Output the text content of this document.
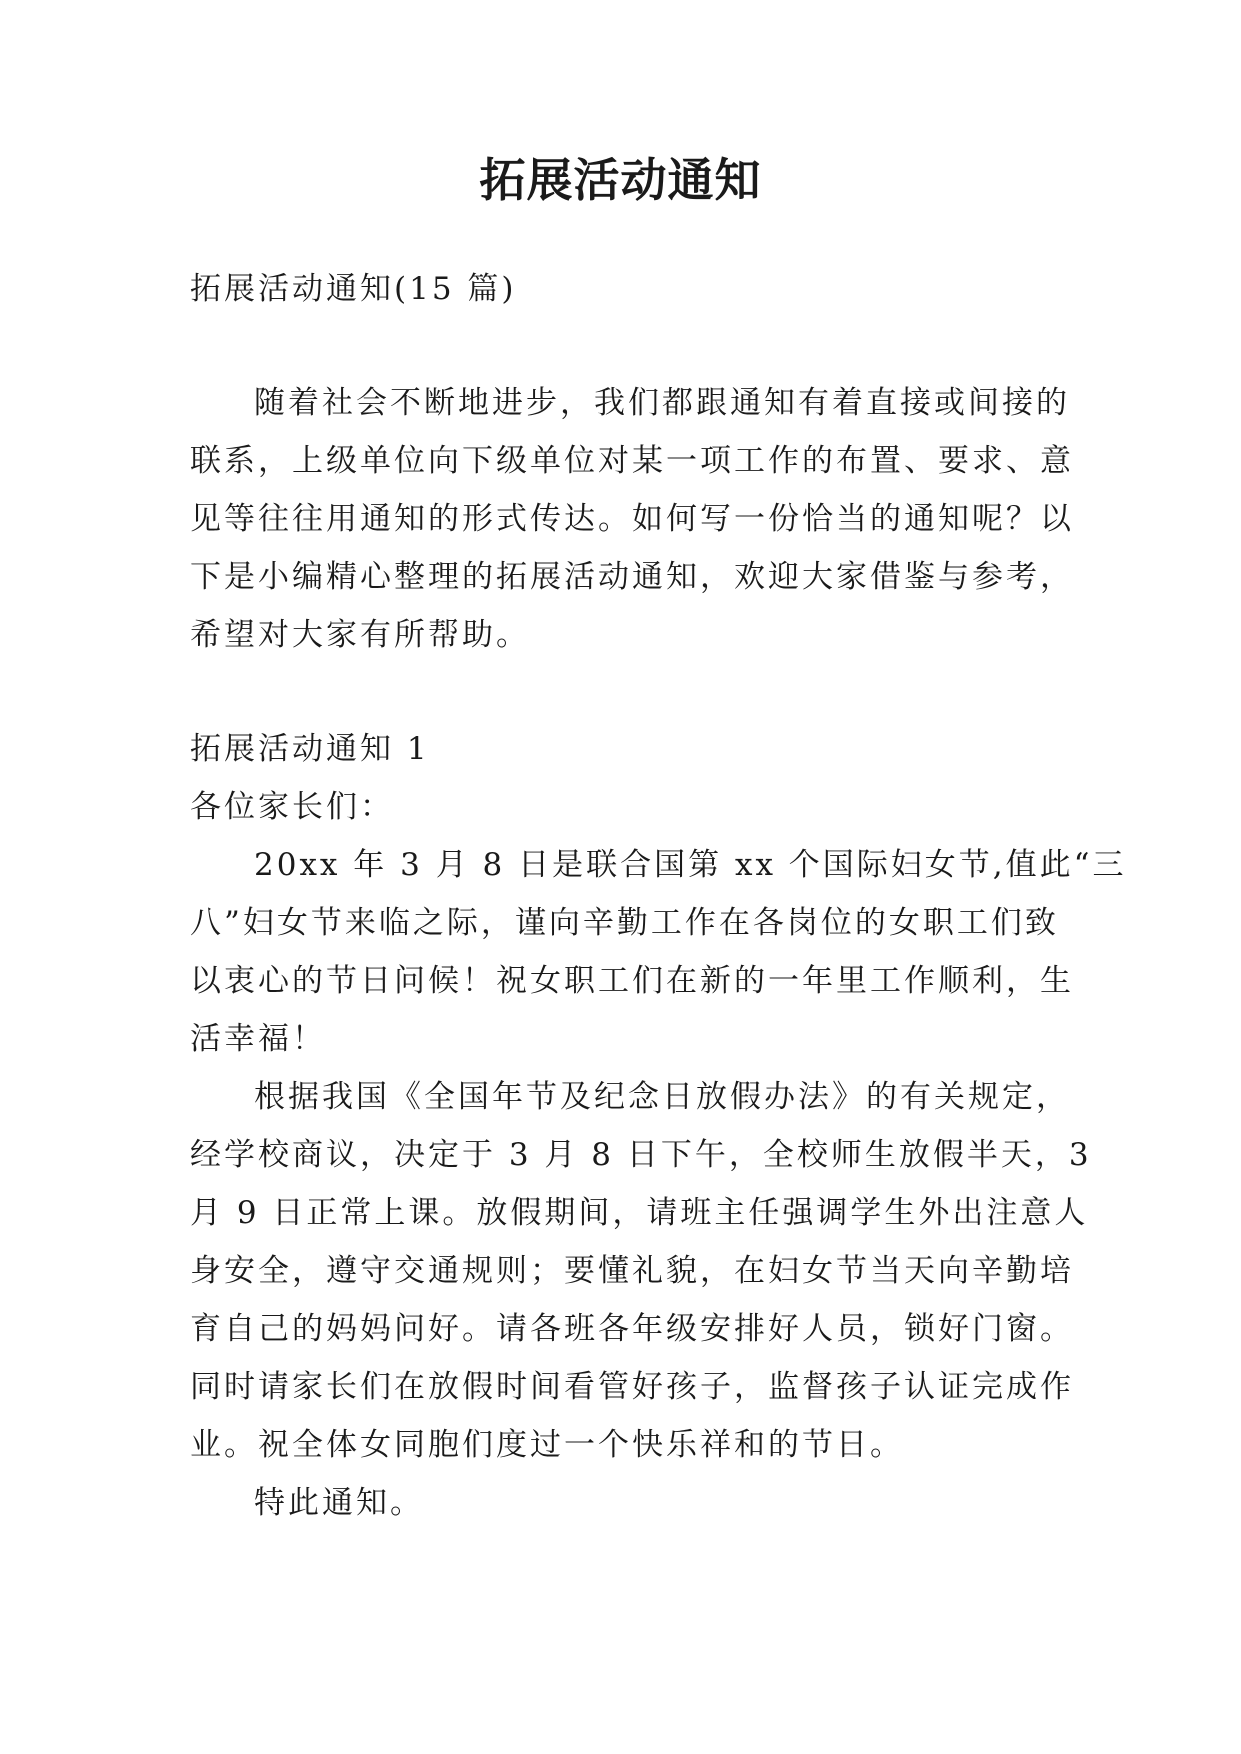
拓展活动通知
拓展活动通知(15 篇)
随着社会不断地进步，我们都跟通知有着直接或间接的
联系，上级单位向下级单位对某一项工作的布置、要求、意
见等往往用通知的形式传达。如何写一份恰当的通知呢？以
下是小编精心整理的拓展活动通知，欢迎大家借鉴与参考，
希望对大家有所帮助。
拓展活动通知 1
各位家长们：
20xx 年 3 月 8 日是联合国第 xx 个国际妇女节,值此“三
八”妇女节来临之际，谨向辛勤工作在各岗位的女职工们致
以衷心的节日问候！祝女职工们在新的一年里工作顺利，生
活幸福！
根据我国《全国年节及纪念日放假办法》的有关规定，
经学校商议，决定于 3 月 8 日下午，全校师生放假半天，3
月 9 日正常上课。放假期间，请班主任强调学生外出注意人
身安全，遵守交通规则；要懂礼貌，在妇女节当天向辛勤培
育自己的妈妈问好。请各班各年级安排好人员，锁好门窗。
同时请家长们在放假时间看管好孩子，监督孩子认证完成作
业。祝全体女同胞们度过一个快乐祥和的节日。
特此通知。
